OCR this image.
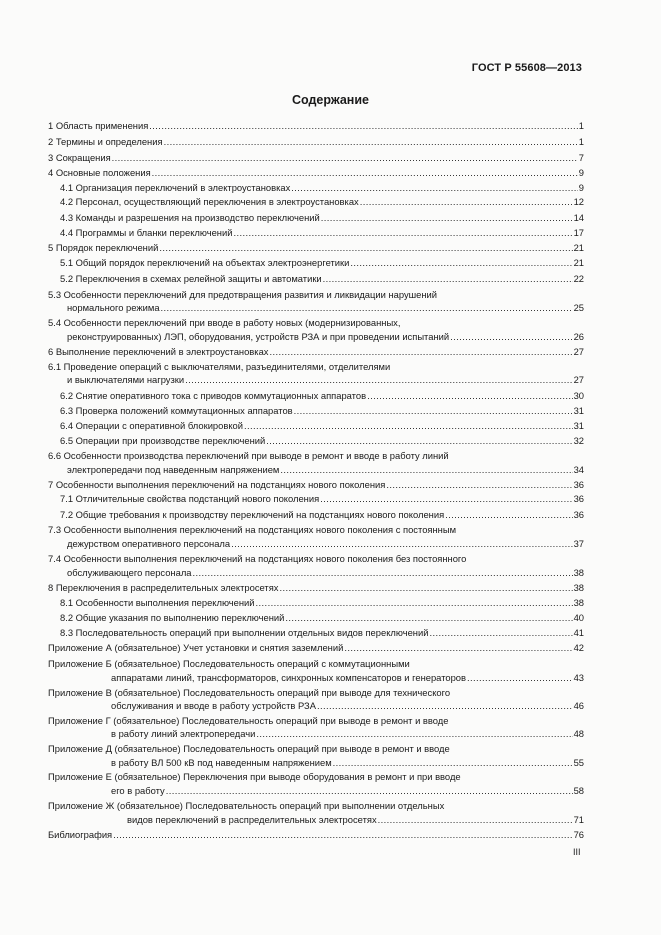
ГОСТ Р 55608—2013
Содержание
1 Область применения .....	1
2 Термины и определения .....	1
3 Сокращения .....	7
4 Основные положения .....	9
4.1 Организация переключений в электроустановках .....	9
4.2 Персонал, осуществляющий переключения в электроустановках .....	12
4.3 Команды и разрешения на производство переключений .....	14
4.4 Программы и бланки переключений .....	17
5 Порядок переключений .....	21
5.1 Общий порядок переключений на объектах электроэнергетики .....	21
5.2 Переключения в схемах релейной защиты и автоматики .....	22
5.3 Особенности переключений для предотвращения развития и ликвидации нарушений
нормального режима .....	25
5.4 Особенности переключений при вводе в работу новых (модернизированных,
реконструированных) ЛЭП, оборудования, устройств РЗА и при проведении испытаний .....	26
6 Выполнение переключений в электроустановках .....	27
6.1 Проведение операций с выключателями, разъединителями, отделителями
и выключателями нагрузки .....	27
6.2 Снятие оперативного тока с приводов коммутационных аппаратов .....	30
6.3 Проверка положений коммутационных аппаратов .....	31
6.4 Операции с оперативной блокировкой .....	31
6.5 Операции при производстве переключений .....	32
6.6 Особенности производства переключений при выводе в ремонт и вводе в работу линий
электропередачи под наведенным напряжением .....	34
7 Особенности выполнения переключений на подстанциях нового поколения .....	36
7.1 Отличительные свойства подстанций нового поколения .....	36
7.2 Общие требования к производству переключений на подстанциях нового поколения .....	36
7.3 Особенности выполнения переключений на подстанциях нового поколения с постоянным
дежурством оперативного персонала .....	37
7.4 Особенности выполнения переключений на подстанциях нового поколения без постоянного
обслуживающего персонала .....	38
8 Переключения в распределительных электросетях .....	38
8.1 Особенности выполнения переключений .....	38
8.2 Общие указания по выполнению переключений .....	40
8.3 Последовательность операций при выполнении отдельных видов переключений .....	41
Приложение А (обязательное) Учет установки и снятия заземлений .....	42
Приложение Б (обязательное) Последовательность операций с коммутационными
аппаратами линий, трансформаторов, синхронных компенсаторов и генераторов .....	43
Приложение В (обязательное) Последовательность операций при выводе для технического
обслуживания и вводе в работу устройств РЗА .....	46
Приложение Г (обязательное) Последовательность операций при выводе в ремонт и вводе
в работу линий электропередачи .....	48
Приложение Д (обязательное) Последовательность операций при выводе в ремонт и вводе
в работу ВЛ 500 кВ под наведенным напряжением .....	55
Приложение Е (обязательное) Переключения при выводе оборудования в ремонт и при вводе
его в работу .....	58
Приложение Ж (обязательное) Последовательность операций при выполнении отдельных
видов переключений в распределительных электросетях .....	71
Библиография .....	76
III
